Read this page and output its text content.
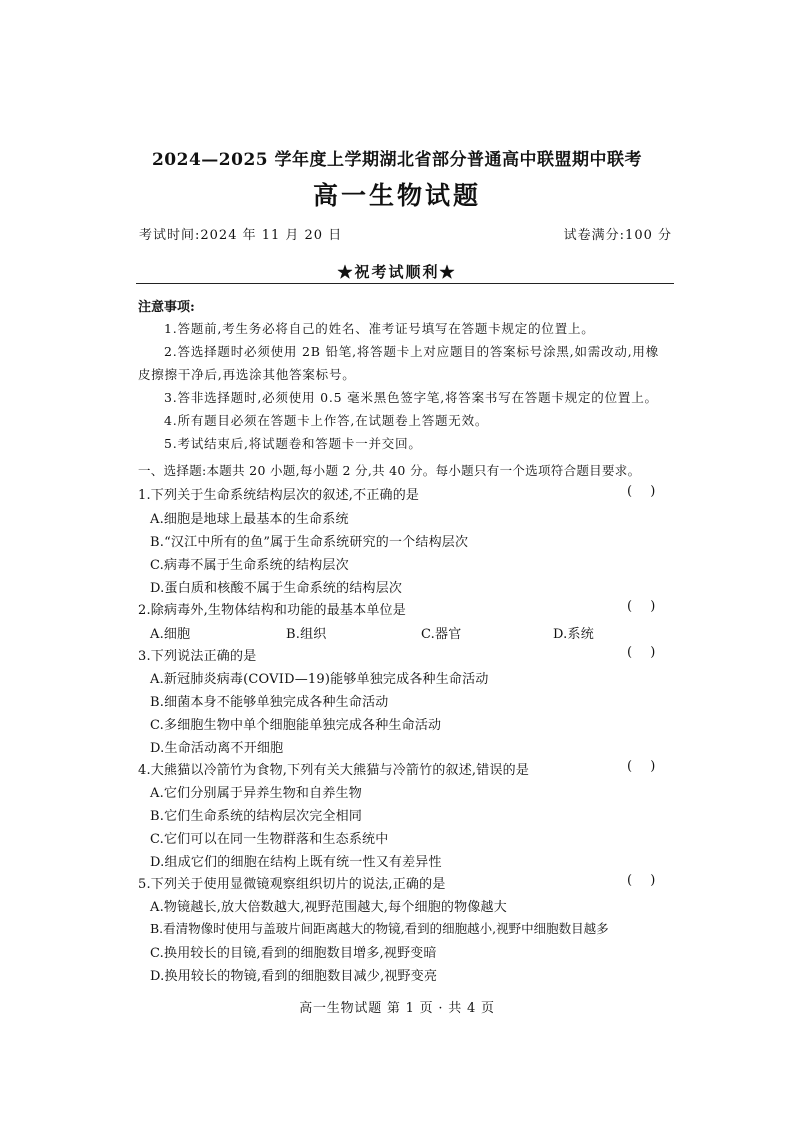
2024—2025 学年度上学期湖北省部分普通高中联盟期中联考
高一生物试题
考试时间:2024 年 11 月 20 日	试卷满分:100 分
★祝考试顺利★
注意事项:
1.答题前,考生务必将自己的姓名、准考证号填写在答题卡规定的位置上。
2.答选择题时必须使用 2B 铅笔,将答题卡上对应题目的答案标号涂黑,如需改动,用橡
皮擦擦干净后,再选涂其他答案标号。
3.答非选择题时,必须使用 0.5 毫米黑色签字笔,将答案书写在答题卡规定的位置上。
4.所有题目必须在答题卡上作答,在试题卷上答题无效。
5.考试结束后,将试题卷和答题卡一并交回。
一、选择题:本题共 20 小题,每小题 2 分,共 40 分。每小题只有一个选项符合题目要求。
1.下列关于生命系统结构层次的叙述,不正确的是	( )
A.细胞是地球上最基本的生命系统
B.“汉江中所有的鱼”属于生命系统研究的一个结构层次
C.病毒不属于生命系统的结构层次
D.蛋白质和核酸不属于生命系统的结构层次
2.除病毒外,生物体结构和功能的最基本单位是	( )
A.细胞	B.组织	C.器官	D.系统
3.下列说法正确的是	( )
A.新冠肺炎病毒(COVID—19)能够单独完成各种生命活动
B.细菌本身不能够单独完成各种生命活动
C.多细胞生物中单个细胞能单独完成各种生命活动
D.生命活动离不开细胞
4.大熊猫以冷箭竹为食物,下列有关大熊猫与冷箭竹的叙述,错误的是	( )
A.它们分别属于异养生物和自养生物
B.它们生命系统的结构层次完全相同
C.它们可以在同一生物群落和生态系统中
D.组成它们的细胞在结构上既有统一性又有差异性
5.下列关于使用显微镜观察组织切片的说法,正确的是	( )
A.物镜越长,放大倍数越大,视野范围越大,每个细胞的物像越大
B.看清物像时使用与盖玻片间距离越大的物镜,看到的细胞越小,视野中细胞数目越多
C.换用较长的目镜,看到的细胞数目增多,视野变暗
D.换用较长的物镜,看到的细胞数目减少,视野变亮
高一生物试题 第 1 页 · 共 4 页
